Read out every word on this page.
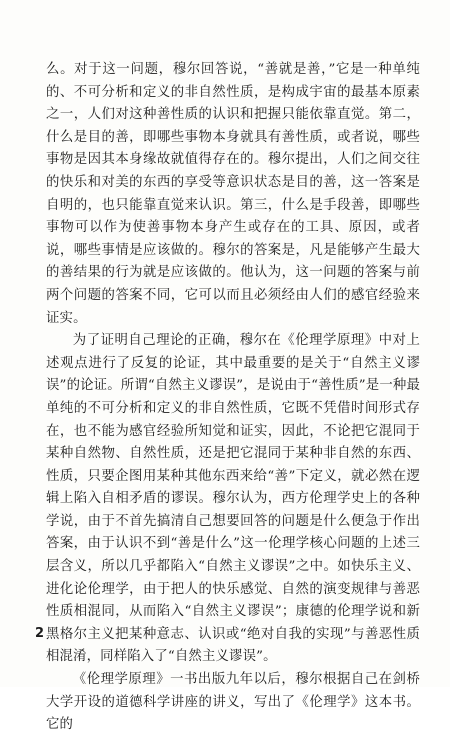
么。对于这一问题，穆尔回答说，“善就是善，”它是一种单纯的、不可分析和定义的非自然性质，是构成宇宙的最基本原素之一，人们对这种善性质的认识和把握只能依靠直觉。第二，什么是目的善，即哪些事物本身就具有善性质，或者说，哪些事物是因其本身缘故就值得存在的。穆尔提出，人们之间交往的快乐和对美的东西的享受等意识状态是目的善，这一答案是自明的，也只能靠直觉来认识。第三，什么是手段善，即哪些事物可以作为使善事物本身产生或存在的工具、原因，或者说，哪些事情是应该做的。穆尔的答案是，凡是能够产生最大的善结果的行为就是应该做的。他认为，这一问题的答案与前两个问题的答案不同，它可以而且必须经由人们的感官经验来证实。

为了证明自己理论的正确，穆尔在《伦理学原理》中对上述观点进行了反复的论证，其中最重要的是关于“自然主义谬误”的论证。所谓“自然主义谬误”，是说由于“善性质”是一种最单纯的不可分析和定义的非自然性质，它既不凭借时间形式存在，也不能为感官经验所知觉和证实，因此，不论把它混同于某种自然物、自然性质，还是把它混同于某种非自然的东西、性质，只要企图用某种其他东西来给“善”下定义，就必然在逻辑上陷入自相矛盾的谬误。穆尔认为，西方伦理学史上的各种学说，由于不首先搞清自己想要回答的问题是什么便急于作出答案，由于认识不到“善是什么”这一伦理学核心问题的上述三层含义，所以几乎都陷入“自然主义谬误”之中。如快乐主义、进化论伦理学，由于把人的快乐感觉、自然的演变规律与善恶性质相混同，从而陷入“自然主义谬误”；康德的伦理学说和新黑格尔主义把某种意志、认识或“绝对自我的实现”与善恶性质相混淆，同样陷入了“自然主义谬误”。

《伦理学原理》一书出版九年以后，穆尔根据自己在剑桥大学开设的道德科学讲座的讲义，写出了《伦理学》这本书。它的

2
